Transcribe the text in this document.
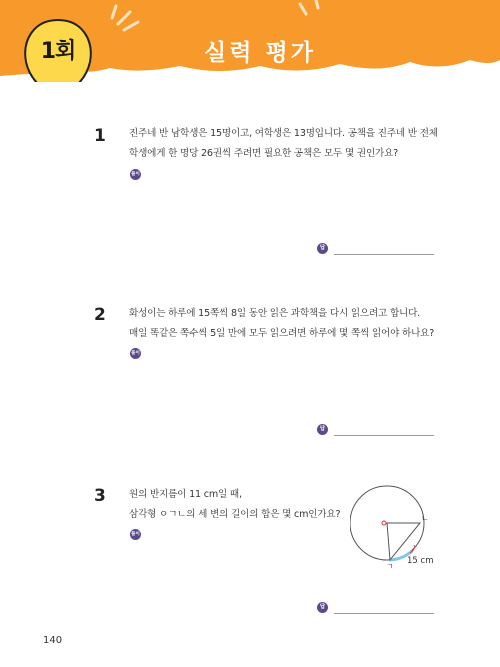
1회	실력 평가
1 진주네 반 남학생은 15명이고, 여학생은 13명입니다. 공책을 진주네 반 전체
학생에게 한 명당 26권씩 주려면 필요한 공책은 모두 몇 권인가요?
풀이
답
2 화성이는 하루에 15쪽씩 8일 동안 읽은 과학책을 다시 읽으려고 합니다.
매일 똑같은 쪽수씩 5일 만에 모두 읽으려면 하루에 몇 쪽씩 읽어야 하나요?
풀이
답
3 원의 반지름이 11 cm일 때,
삼각형 ㅇㄱㄴ의 세 변의 길이의 합은 몇 cm인가요?
풀이
ㄴ
ㄱ
15 cm
답
140
